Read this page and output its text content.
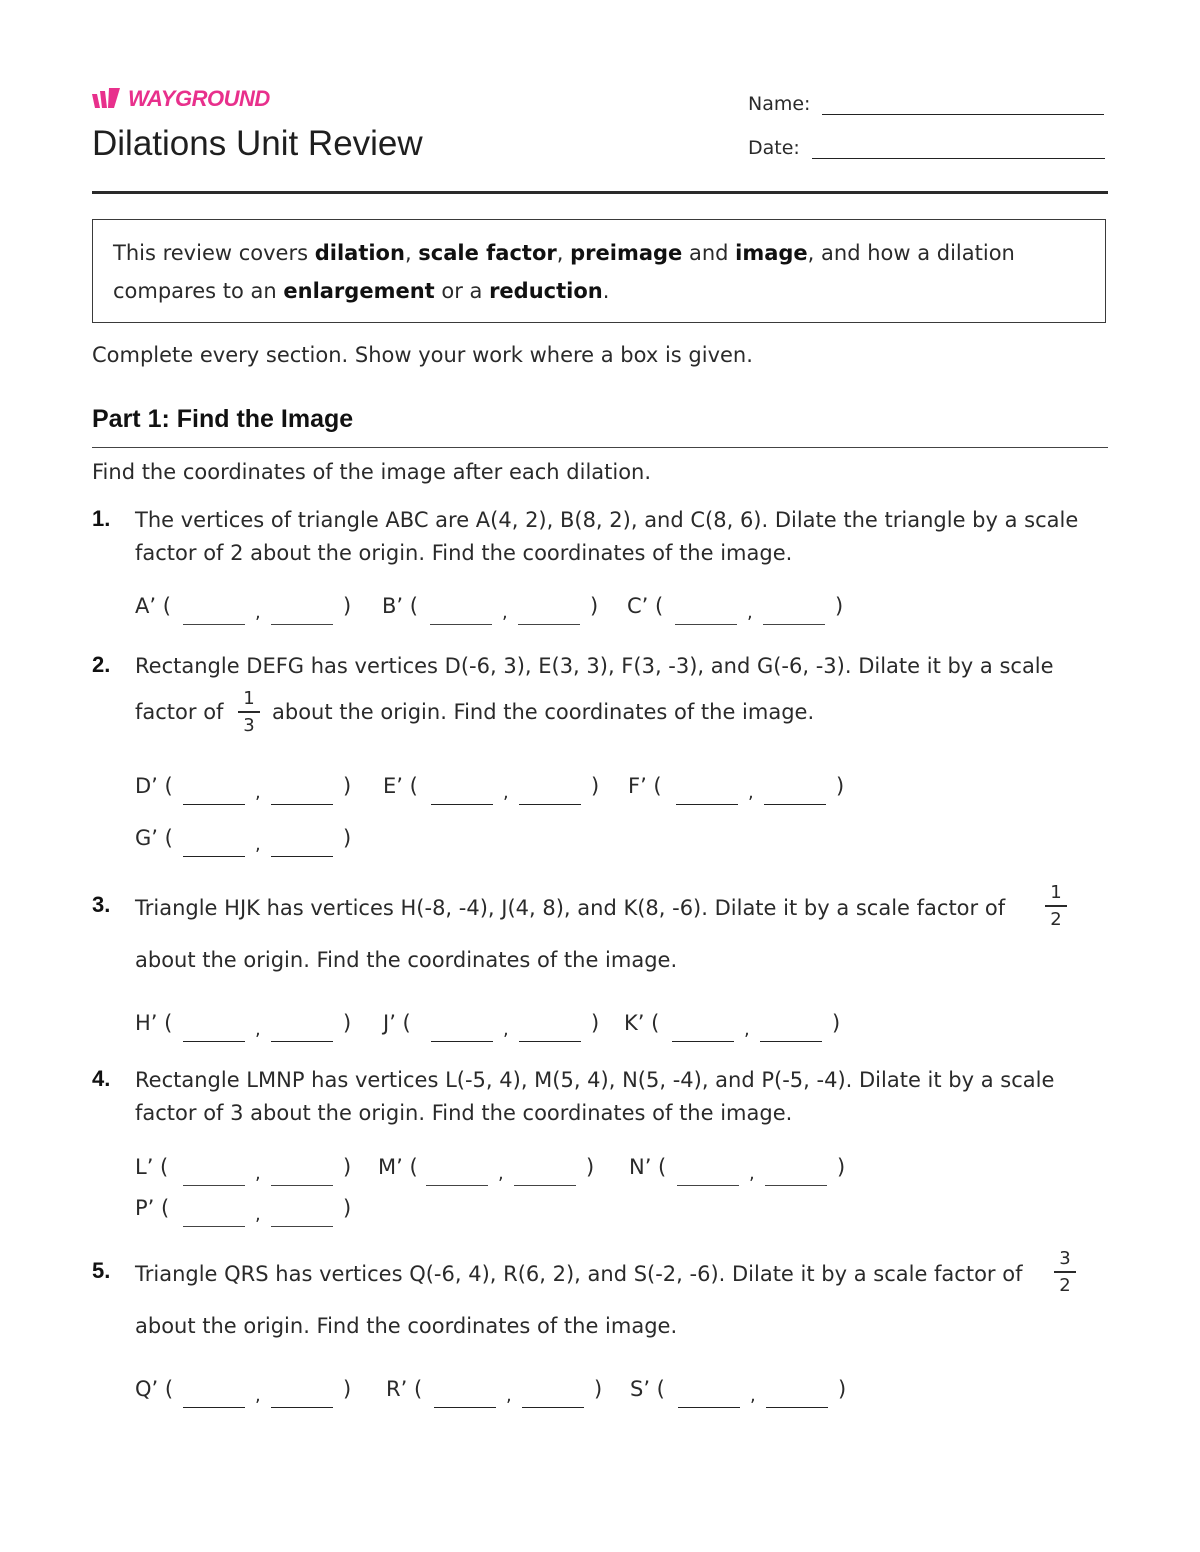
WAYGROUND
Dilations Unit Review
Name:
Date:
This review covers dilation, scale factor, preimage and image, and how a dilation compares to an enlargement or a reduction.
Complete every section. Show your work where a box is given.
Part 1: Find the Image
Find the coordinates of the image after each dilation.
1. The vertices of triangle ABC are A(4, 2), B(8, 2), and C(8, 6). Dilate the triangle by a scale factor of 2 about the origin. Find the coordinates of the image.
2. Rectangle DEFG has vertices D(-6, 3), E(3, 3), F(3, -3), and G(-6, -3). Dilate it by a scale
factor of
1
3
about the origin. Find the coordinates of the image.
3. Triangle HJK has vertices H(-8, -4), J(4, 8), and K(8, -6). Dilate it by a scale factor of
1
2
about the origin. Find the coordinates of the image.
4. Rectangle LMNP has vertices L(-5, 4), M(5, 4), N(5, -4), and P(-5, -4). Dilate it by a scale factor of 3 about the origin. Find the coordinates of the image.
5. Triangle QRS has vertices Q(-6, 4), R(6, 2), and S(-2, -6). Dilate it by a scale factor of
3
2
about the origin. Find the coordinates of the image.
A’ (	,	) B’ (	,	) C’ (	,	)
D’ (	,	) E’ (	,	) F’ (	,	)
G’ (	,	)
H’ (	,	) J’ (	,	) K’ (	,	)
L’ (	,	) M’ (	,	) N’ (	,	)
P’ (	,	)
Q’ (	,	) R’ (	,	) S’ (	,	)
